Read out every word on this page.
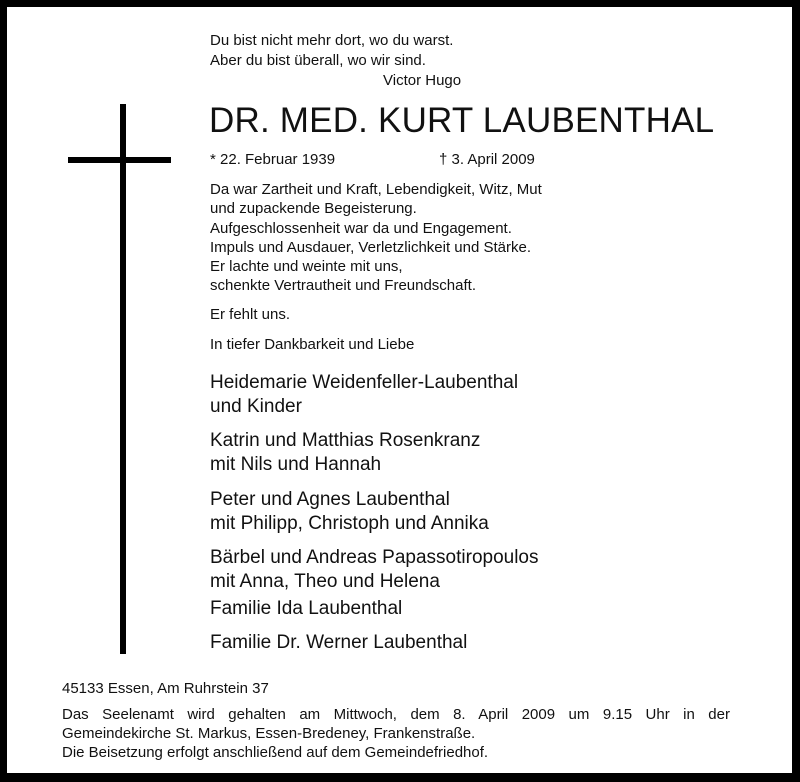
Du bist nicht mehr dort, wo du warst.
Aber du bist überall, wo wir sind.
Victor Hugo
DR. MED. KURT LAUBENTHAL
* 22. Februar 1939	† 3. April 2009
Da war Zartheit und Kraft, Lebendigkeit, Witz, Mut
und zupackende Begeisterung.
Aufgeschlossenheit war da und Engagement.
Impuls und Ausdauer, Verletzlichkeit und Stärke.
Er lachte und weinte mit uns,
schenkte Vertrautheit und Freundschaft.
Er fehlt uns.
In tiefer Dankbarkeit und Liebe
Heidemarie Weidenfeller-Laubenthal
und Kinder
Katrin und Matthias Rosenkranz
mit Nils und Hannah
Peter und Agnes Laubenthal
mit Philipp, Christoph und Annika
Bärbel und Andreas Papassotiropoulos
mit Anna, Theo und Helena
Familie Ida Laubenthal
Familie Dr. Werner Laubenthal
45133 Essen, Am Ruhrstein 37
Das Seelenamt wird gehalten am Mittwoch, dem 8. April 2009 um 9.15 Uhr in der
Gemeindekirche St. Markus, Essen-Bredeney, Frankenstraße.
Die Beisetzung erfolgt anschließend auf dem Gemeindefriedhof.
